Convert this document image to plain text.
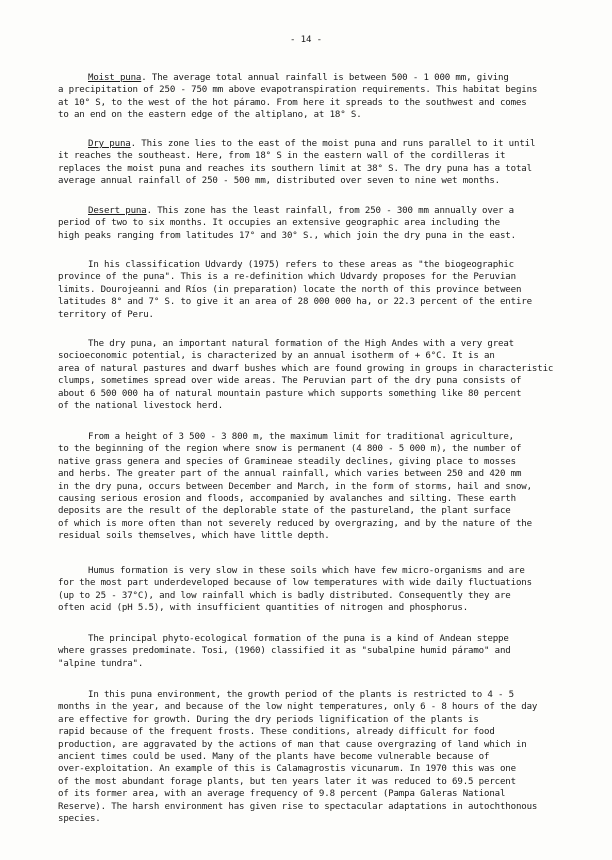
- 14 -
Moist puna. The average total annual rainfall is between 500 - 1 000 mm, giving
a precipitation of 250 - 750 mm above evapotranspiration requirements. This habitat begins
at 10° S, to the west of the hot páramo. From here it spreads to the southwest and comes
to an end on the eastern edge of the altiplano, at 18° S.
Dry puna. This zone lies to the east of the moist puna and runs parallel to it until
it reaches the southeast. Here, from 18° S in the eastern wall of the cordilleras it
replaces the moist puna and reaches its southern limit at 38° S. The dry puna has a total
average annual rainfall of 250 - 500 mm, distributed over seven to nine wet months.
Desert puna. This zone has the least rainfall, from 250 - 300 mm annually over a
period of two to six months. It occupies an extensive geographic area including the
high peaks ranging from latitudes 17° and 30° S., which join the dry puna in the east.
In his classification Udvardy (1975) refers to these areas as "the biogeographic
province of the puna". This is a re-definition which Udvardy proposes for the Peruvian
limits. Dourojeanni and Ríos (in preparation) locate the north of this province between
latitudes 8° and 7° S. to give it an area of 28 000 000 ha, or 22.3 percent of the entire
territory of Peru.
The dry puna, an important natural formation of the High Andes with a very great
socioeconomic potential, is characterized by an annual isotherm of + 6°C. It is an
area of natural pastures and dwarf bushes which are found growing in groups in characteristic
clumps, sometimes spread over wide areas. The Peruvian part of the dry puna consists of
about 6 500 000 ha of natural mountain pasture which supports something like 80 percent
of the national livestock herd.
From a height of 3 500 - 3 800 m, the maximum limit for traditional agriculture,
to the beginning of the region where snow is permanent (4 800 - 5 000 m), the number of
native grass genera and species of Gramineae steadily declines, giving place to mosses
and herbs. The greater part of the annual rainfall, which varies between 250 and 420 mm
in the dry puna, occurs between December and March, in the form of storms, hail and snow,
causing serious erosion and floods, accompanied by avalanches and silting. These earth
deposits are the result of the deplorable state of the pastureland, the plant surface
of which is more often than not severely reduced by overgrazing, and by the nature of the
residual soils themselves, which have little depth.
Humus formation is very slow in these soils which have few micro-organisms and are
for the most part underdeveloped because of low temperatures with wide daily fluctuations
(up to 25 - 37°C), and low rainfall which is badly distributed. Consequently they are
often acid (pH 5.5), with insufficient quantities of nitrogen and phosphorus.
The principal phyto-ecological formation of the puna is a kind of Andean steppe
where grasses predominate. Tosi, (1960) classified it as "subalpine humid páramo" and
"alpine tundra".
In this puna environment, the growth period of the plants is restricted to 4 - 5
months in the year, and because of the low night temperatures, only 6 - 8 hours of the day
are effective for growth. During the dry periods lignification of the plants is
rapid because of the frequent frosts. These conditions, already difficult for food
production, are aggravated by the actions of man that cause overgrazing of land which in
ancient times could be used. Many of the plants have become vulnerable because of
over-exploitation. An example of this is Calamagrostis vicunarum. In 1970 this was one
of the most abundant forage plants, but ten years later it was reduced to 69.5 percent
of its former area, with an average frequency of 9.8 percent (Pampa Galeras National
Reserve). The harsh environment has given rise to spectacular adaptations in autochthonous
species.
